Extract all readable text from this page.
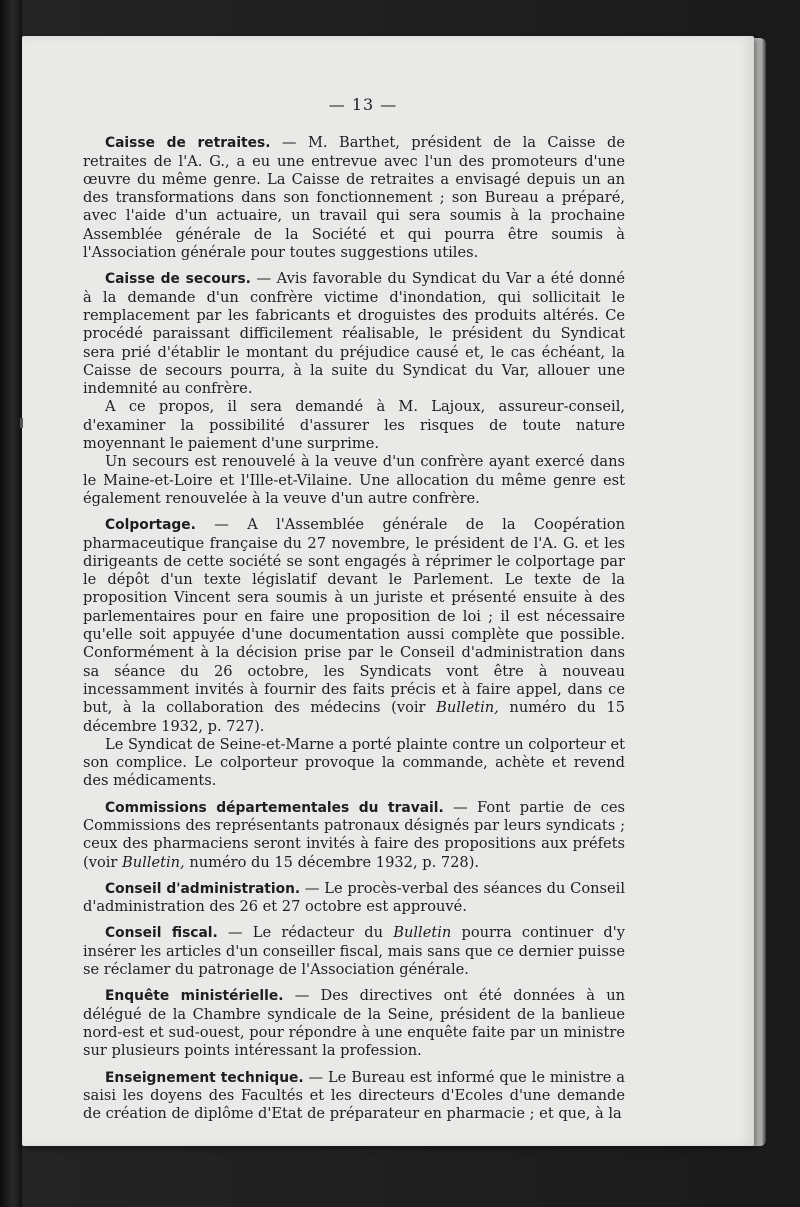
— 13 —

Caisse de retraites. — M. Barthet, président de la Caisse de retraites de l'A. G., a eu une entrevue avec l'un des promoteurs d'une œuvre du même genre. La Caisse de retraites a envisagé depuis un an des transformations dans son fonctionnement ; son Bureau a préparé, avec l'aide d'un actuaire, un travail qui sera soumis à la prochaine Assemblée générale de la Société et qui pourra être soumis à l'Association générale pour toutes suggestions utiles.

Caisse de secours. — Avis favorable du Syndicat du Var a été donné à la demande d'un confrère victime d'inondation, qui sollicitait le remplacement par les fabricants et droguistes des produits altérés. Ce procédé paraissant difficilement réalisable, le président du Syndicat sera prié d'établir le montant du préjudice causé et, le cas échéant, la Caisse de secours pourra, à la suite du Syndicat du Var, allouer une indemnité au confrère.

A ce propos, il sera demandé à M. Lajoux, assureur-conseil, d'examiner la possibilité d'assurer les risques de toute nature moyennant le paiement d'une surprime.

Un secours est renouvelé à la veuve d'un confrère ayant exercé dans le Maine-et-Loire et l'Ille-et-Vilaine. Une allocation du même genre est également renouvelée à la veuve d'un autre confrère.

Colportage. — A l'Assemblée générale de la Coopération pharmaceutique française du 27 novembre, le président de l'A. G. et les dirigeants de cette société se sont engagés à réprimer le colportage par le dépôt d'un texte législatif devant le Parlement. Le texte de la proposition Vincent sera soumis à un juriste et présenté ensuite à des parlementaires pour en faire une proposition de loi ; il est nécessaire qu'elle soit appuyée d'une documentation aussi complète que possible. Conformément à la décision prise par le Conseil d'administration dans sa séance du 26 octobre, les Syndicats vont être à nouveau incessamment invités à fournir des faits précis et à faire appel, dans ce but, à la collaboration des médecins (voir Bulletin, numéro du 15 décembre 1932, p. 727).

Le Syndicat de Seine-et-Marne a porté plainte contre un colporteur et son complice. Le colporteur provoque la commande, achète et revend des médicaments.

Commissions départementales du travail. — Font partie de ces Commissions des représentants patronaux désignés par leurs syndicats ; ceux des pharmaciens seront invités à faire des propositions aux préfets (voir Bulletin, numéro du 15 décembre 1932, p. 728).

Conseil d'administration. — Le procès-verbal des séances du Conseil d'administration des 26 et 27 octobre est approuvé.

Conseil fiscal. — Le rédacteur du Bulletin pourra continuer d'y insérer les articles d'un conseiller fiscal, mais sans que ce dernier puisse se réclamer du patronage de l'Association générale.

Enquête ministérielle. — Des directives ont été données à un délégué de la Chambre syndicale de la Seine, président de la banlieue nord-est et sud-ouest, pour répondre à une enquête faite par un ministre sur plusieurs points intéressant la profession.

Enseignement technique. — Le Bureau est informé que le ministre a saisi les doyens des Facultés et les directeurs d'Ecoles d'une demande de création de diplôme d'Etat de préparateur en pharmacie ; et que, à la
